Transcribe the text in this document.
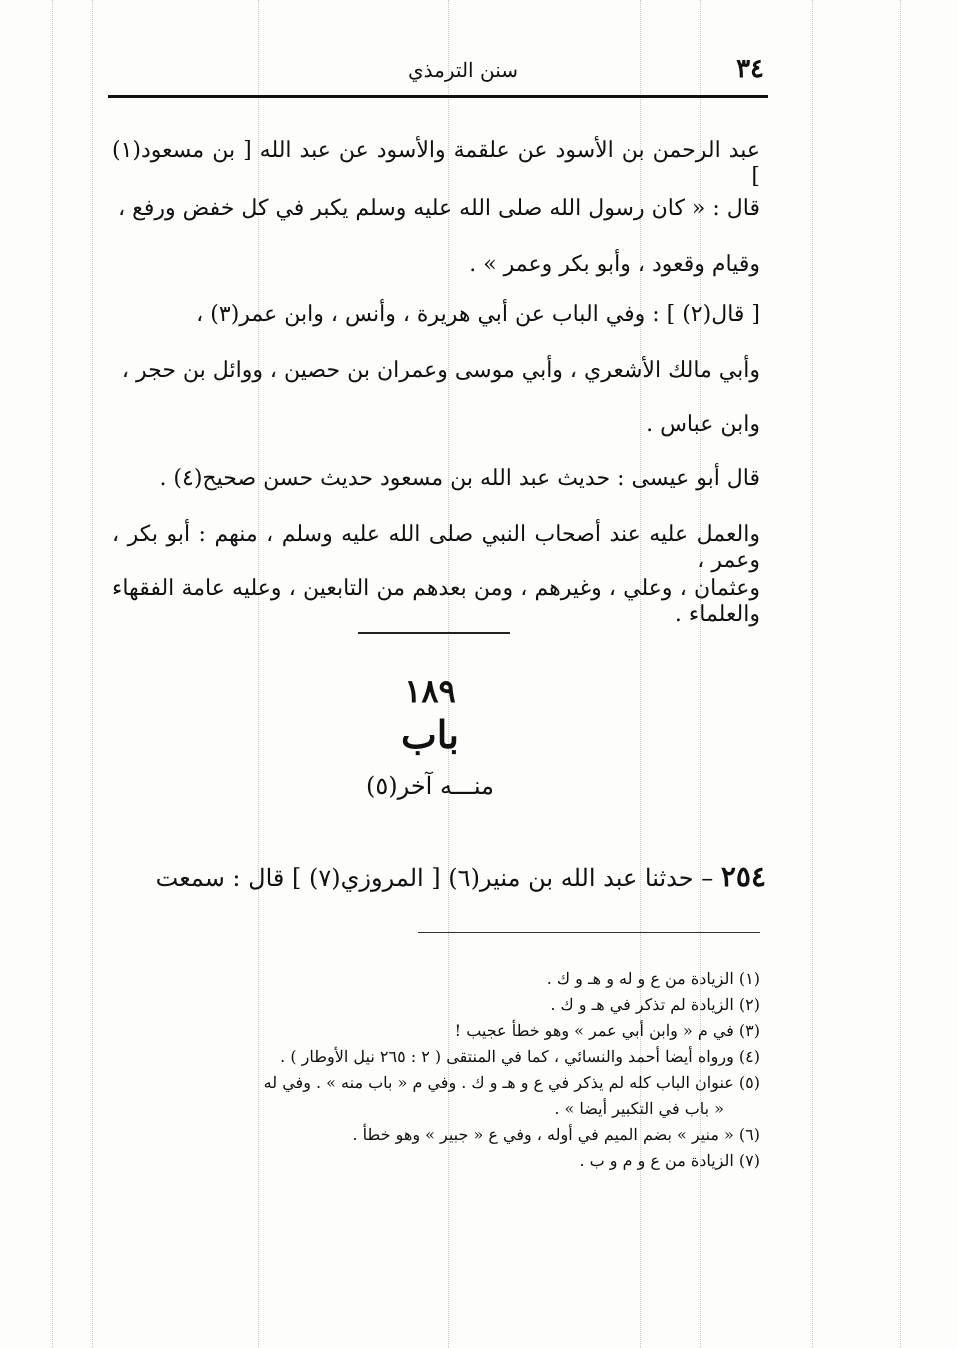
٣٤
سنن الترمذي
عبد الرحمن بن الأسود عن علقمة والأسود عن عبد الله [ بن مسعود(١) ]
قال : « كان رسول الله صلى الله عليه وسلم يكبر في كل خفض ورفع ،
وقيام وقعود ، وأبو بكر وعمر » .
[ قال(٢) ] : وفي الباب عن أبي هريرة ، وأنس ، وابن عمر(٣) ،
وأبي مالك الأشعري ، وأبي موسى وعمران بن حصين ، ووائل بن حجر ،
وابن عباس .
قال أبو عيسى : حديث عبد الله بن مسعود حديث حسن صحيح(٤) .
والعمل عليه عند أصحاب النبي صلى الله عليه وسلم ، منهم : أبو بكر ، وعمر ،
وعثمان ، وعلي ، وغيرهم ، ومن بعدهم من التابعين ، وعليه عامة الفقهاء والعلماء .
١٨٩
باب
منـــه آخر(٥)
٢٥٤ – حدثنا عبد الله بن منير(٦) [ المروزي(٧) ] قال : سمعت
(١) الزيادة من ع و له و هـ و ك .
(٢) الزيادة لم تذكر في هـ و ك .
(٣) في م « وابن أبي عمر » وهو خطأ عجيب !
(٤) ورواه أيضا أحمد والنسائي ، كما في المنتقى ( ٢ : ٢٦٥ نيل الأوطار ) .
(٥) عنوان الباب كله لم يذكر في ع و هـ و ك . وفي م « باب منه » . وفي له
« باب في التكبير أيضا » .
(٦) « منير » بضم الميم في أوله ، وفي ع « جبير » وهو خطأ .
(٧) الزيادة من ع و م و ب .
